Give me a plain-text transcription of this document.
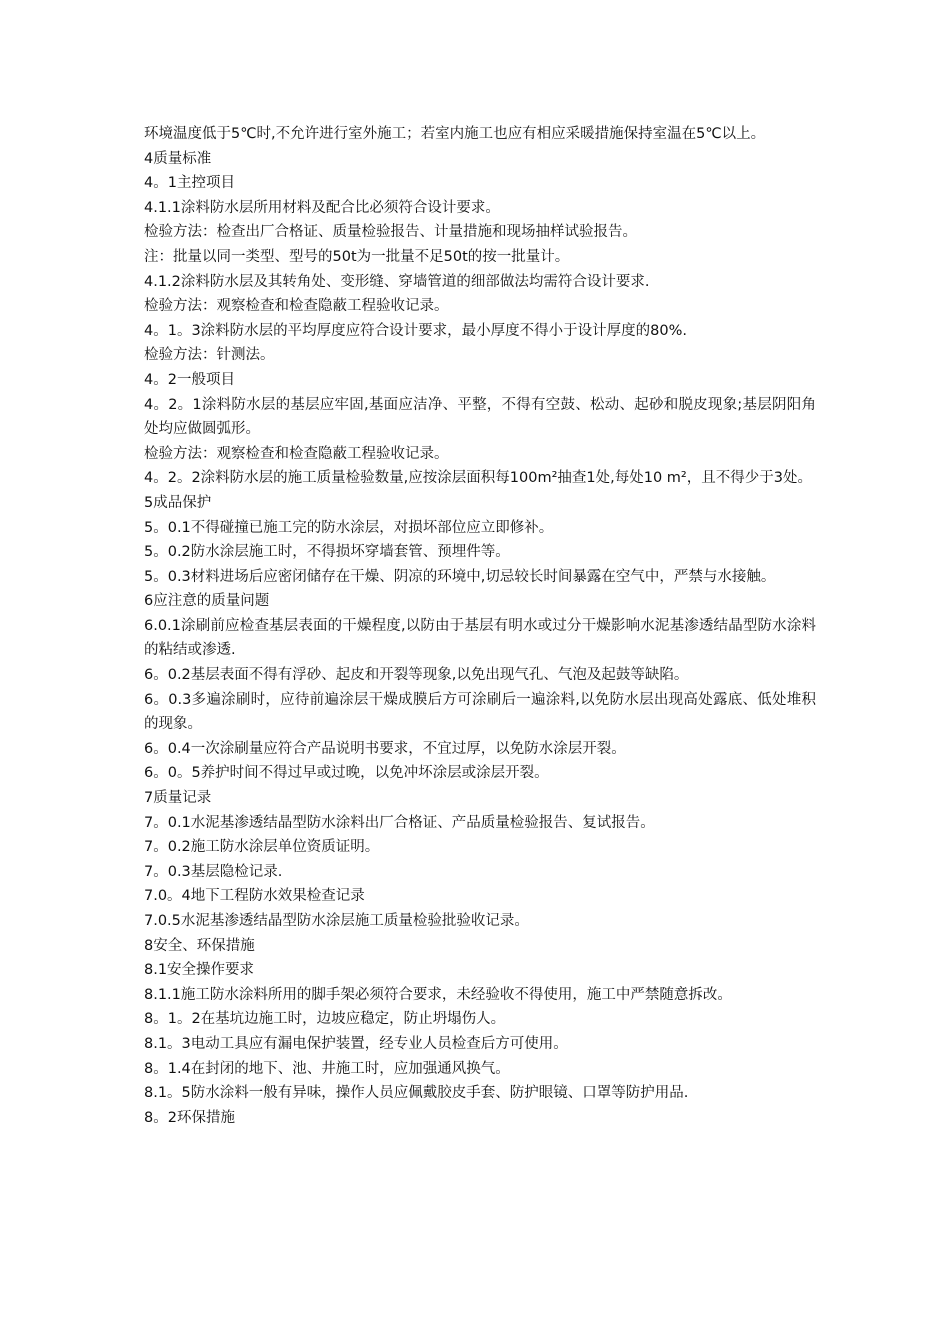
环境温度低于5℃时,不允许进行室外施工；若室内施工也应有相应采暖措施保持室温在5℃以上。

4质量标准

4。1主控项目

4.1.1涂料防水层所用材料及配合比必须符合设计要求。

检验方法：检查出厂合格证、质量检验报告、计量措施和现场抽样试验报告。

注：批量以同一类型、型号的50t为一批量不足50t的按一批量计。

4.1.2涂料防水层及其转角处、变形缝、穿墙管道的细部做法均需符合设计要求.

检验方法：观察检查和检查隐蔽工程验收记录。

4。1。3涂料防水层的平均厚度应符合设计要求，最小厚度不得小于设计厚度的80%.

检验方法：针测法。

4。2一般项目

4。2。1涂料防水层的基层应牢固,基面应洁净、平整，不得有空鼓、松动、起砂和脱皮现象;基层阴阳角处均应做圆弧形。

检验方法：观察检查和检查隐蔽工程验收记录。

4。2。2涂料防水层的施工质量检验数量,应按涂层面积每100m²抽查1处,每处10 m²，且不得少于3处。

5成品保护

5。0.1不得碰撞已施工完的防水涂层，对损坏部位应立即修补。

5。0.2防水涂层施工时，不得损坏穿墙套管、预埋件等。

5。0.3材料进场后应密闭储存在干燥、阴凉的环境中,切忌较长时间暴露在空气中，严禁与水接触。

6应注意的质量问题

6.0.1涂刷前应检查基层表面的干燥程度,以防由于基层有明水或过分干燥影响水泥基渗透结晶型防水涂料的粘结或渗透.

6。0.2基层表面不得有浮砂、起皮和开裂等现象,以免出现气孔、气泡及起鼓等缺陷。

6。0.3多遍涂刷时，应待前遍涂层干燥成膜后方可涂刷后一遍涂料,以免防水层出现高处露底、低处堆积的现象。

6。0.4一次涂刷量应符合产品说明书要求，不宜过厚，以免防水涂层开裂。

6。0。5养护时间不得过早或过晚，以免冲坏涂层或涂层开裂。

7质量记录

7。0.1水泥基渗透结晶型防水涂料出厂合格证、产品质量检验报告、复试报告。

7。0.2施工防水涂层单位资质证明。

7。0.3基层隐检记录.

7.0。4地下工程防水效果检查记录

7.0.5水泥基渗透结晶型防水涂层施工质量检验批验收记录。

8安全、环保措施

8.1安全操作要求

8.1.1施工防水涂料所用的脚手架必须符合要求，未经验收不得使用，施工中严禁随意拆改。

8。1。2在基坑边施工时，边坡应稳定，防止坍塌伤人。

8.1。3电动工具应有漏电保护装置，经专业人员检查后方可使用。

8。1.4在封闭的地下、池、井施工时，应加强通风换气。

8.1。5防水涂料一般有异味，操作人员应佩戴胶皮手套、防护眼镜、口罩等防护用品.

8。2环保措施
